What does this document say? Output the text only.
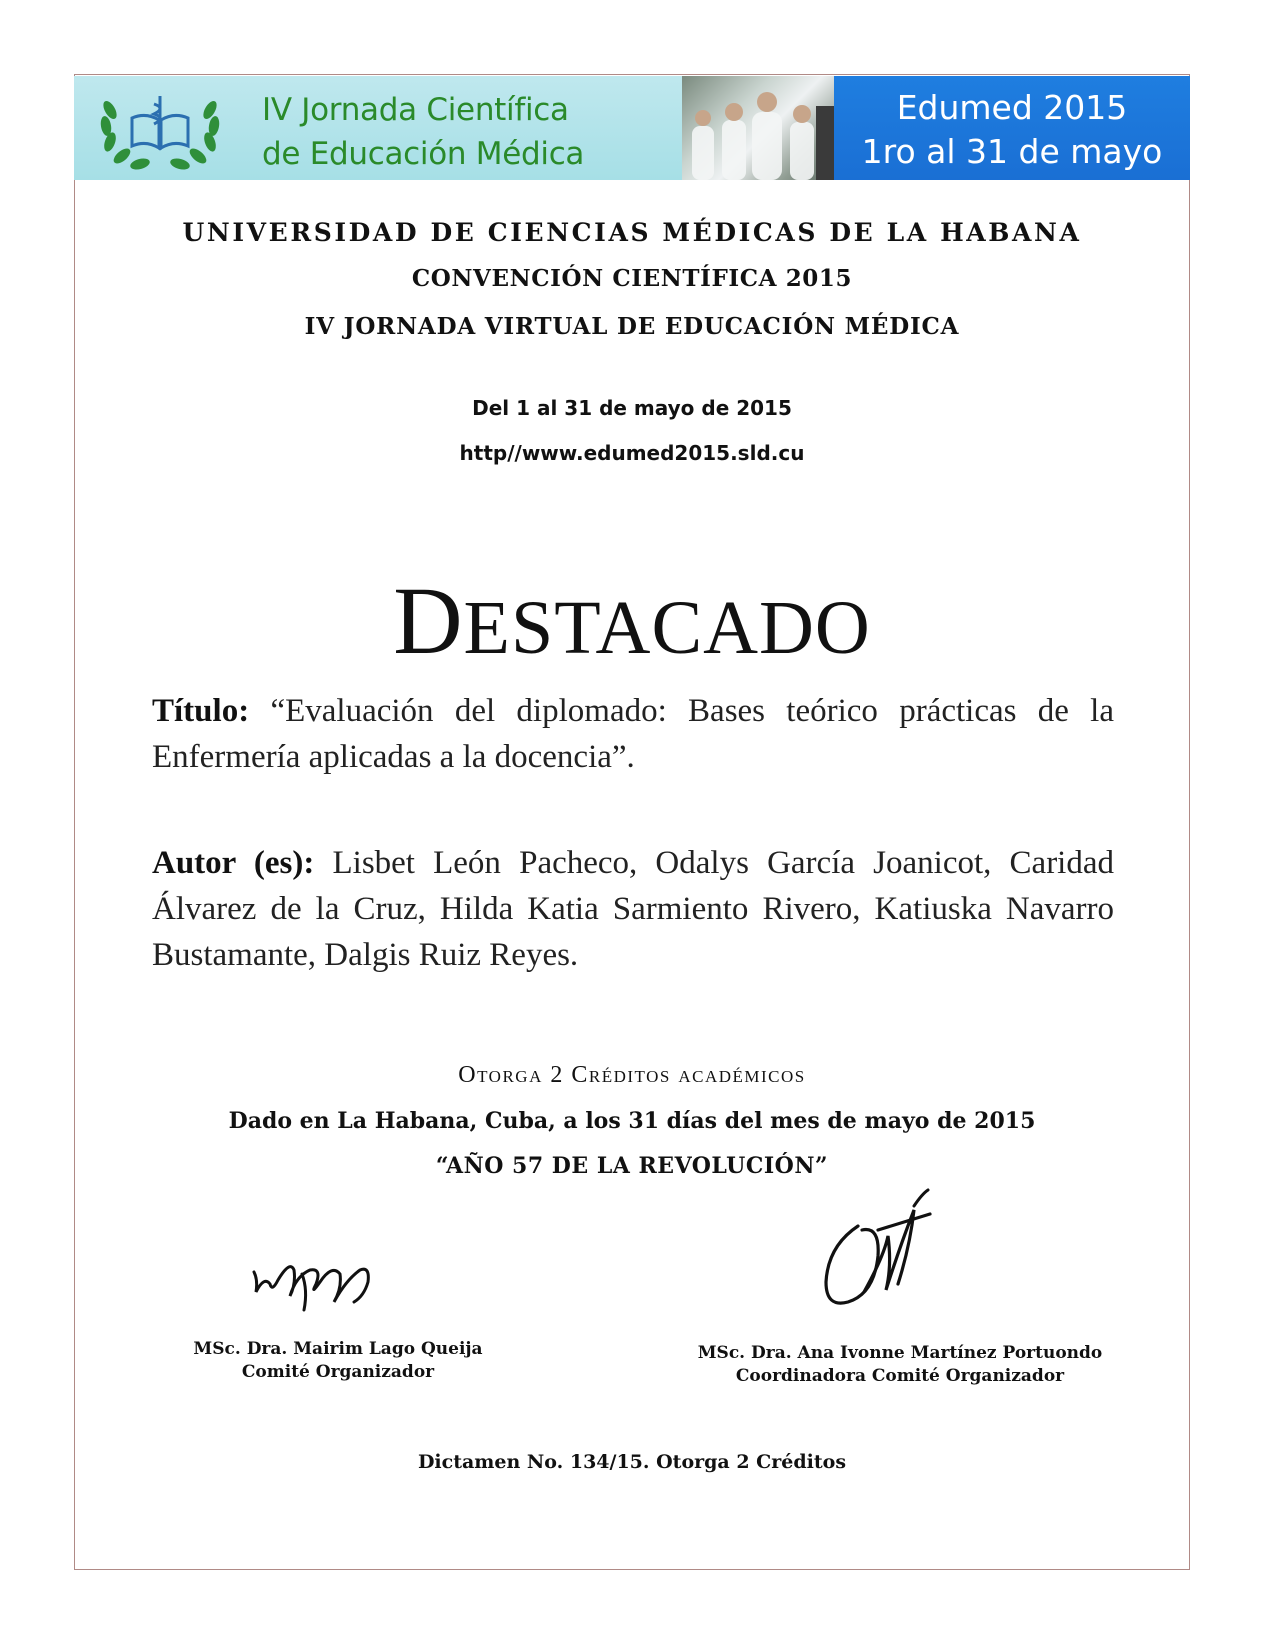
IV Jornada Científica
de Educación Médica
Edumed 2015
1ro al 31 de mayo
UNIVERSIDAD DE CIENCIAS MÉDICAS DE LA HABANA
CONVENCIÓN CIENTÍFICA 2015
IV JORNADA VIRTUAL DE EDUCACIÓN MÉDICA
Del 1 al 31 de mayo de 2015
http//www.edumed2015.sld.cu
DESTACADO
Título: “Evaluación del diplomado: Bases teórico prácticas de la Enfermería aplicadas a la docencia”.
Autor (es): Lisbet León Pacheco, Odalys García Joanicot, Caridad Álvarez de la Cruz, Hilda Katia Sarmiento Rivero, Katiuska Navarro Bustamante, Dalgis Ruiz Reyes.
Otorga 2 Créditos académicos
Dado en La Habana, Cuba, a los 31 días del mes de mayo de 2015
“AÑO 57 DE LA REVOLUCIÓN”
MSc. Dra. Mairim Lago Queija
Comité Organizador
MSc. Dra. Ana Ivonne Martínez Portuondo
Coordinadora Comité Organizador
Dictamen No. 134/15. Otorga 2 Créditos
